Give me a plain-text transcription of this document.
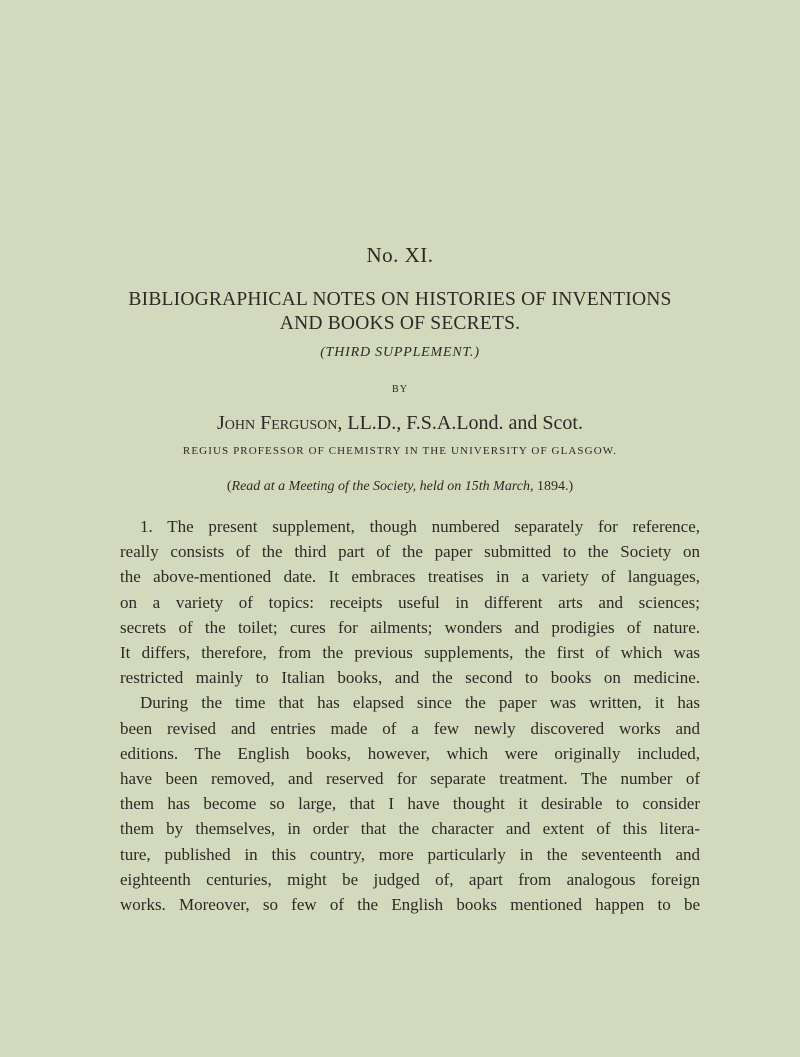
No. XI.
BIBLIOGRAPHICAL NOTES ON HISTORIES OF INVENTIONS
AND BOOKS OF SECRETS.
(THIRD SUPPLEMENT.)
BY
John Ferguson, LL.D., F.S.A.Lond. and Scot.
REGIUS PROFESSOR OF CHEMISTRY IN THE UNIVERSITY OF GLASGOW.
(Read at a Meeting of the Society, held on 15th March, 1894.)
1. The present supplement, though numbered separately for reference,
really consists of the third part of the paper submitted to the Society on
the above-mentioned date. It embraces treatises in a variety of languages,
on a variety of topics: receipts useful in different arts and sciences;
secrets of the toilet; cures for ailments; wonders and prodigies of nature.
It differs, therefore, from the previous supplements, the first of which was
restricted mainly to Italian books, and the second to books on medicine.
During the time that has elapsed since the paper was written, it has
been revised and entries made of a few newly discovered works and
editions. The English books, however, which were originally included,
have been removed, and reserved for separate treatment. The number of
them has become so large, that I have thought it desirable to consider
them by themselves, in order that the character and extent of this litera-
ture, published in this country, more particularly in the seventeenth and
eighteenth centuries, might be judged of, apart from analogous foreign
works. Moreover, so few of the English books mentioned happen to be
